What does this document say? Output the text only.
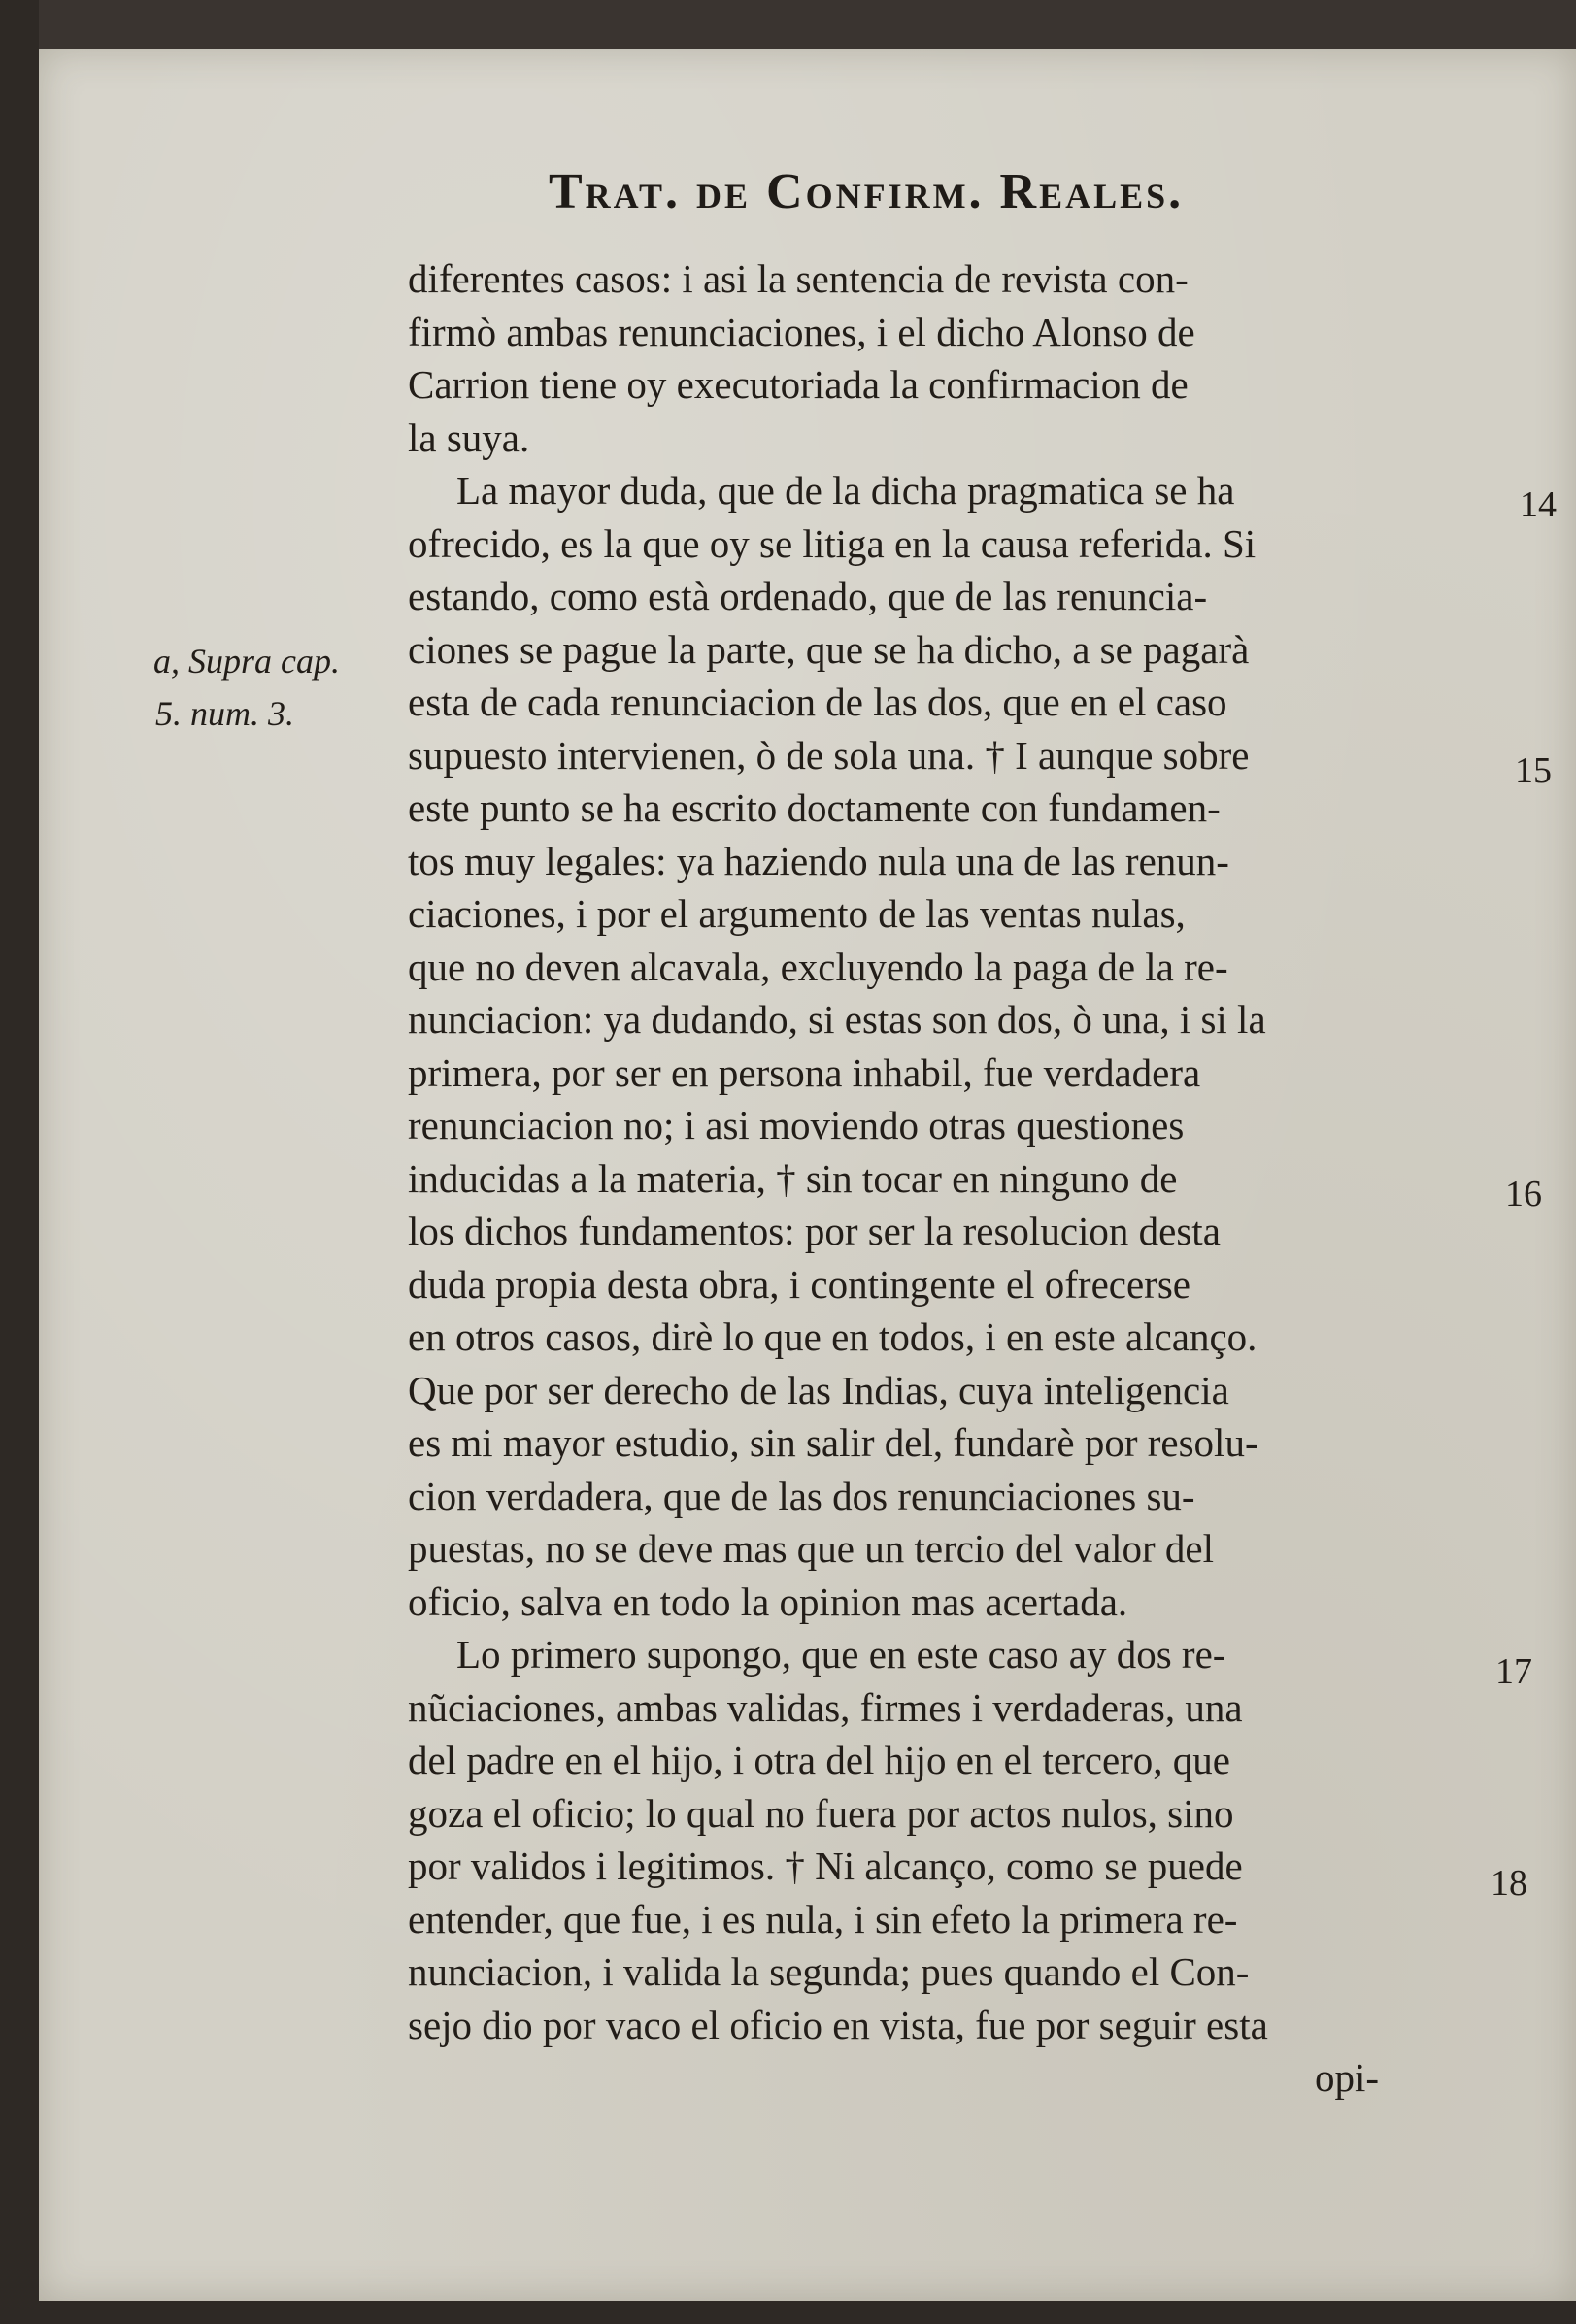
Trat. de Confirm. Reales.
diferentes casos: i asi la sentencia de revista con-
firmò ambas renunciaciones, i el dicho Alonso de
Carrion tiene oy executoriada la confirmacion de
la suya.
La mayor duda, que de la dicha pragmatica se ha
ofrecido, es la que oy se litiga en la causa referida. Si
estando, como està ordenado, que de las renuncia-
ciones se pague la parte, que se ha dicho, a se pagarà
esta de cada renunciacion de las dos, que en el caso
supuesto intervienen, ò de sola una. † I aunque sobre
este punto se ha escrito doctamente con fundamen-
tos muy legales: ya haziendo nula una de las renun-
ciaciones, i por el argumento de las ventas nulas,
que no deven alcavala, excluyendo la paga de la re-
nunciacion: ya dudando, si estas son dos, ò una, i si la
primera, por ser en persona inhabil, fue verdadera
renunciacion no; i asi moviendo otras questiones
inducidas a la materia, † sin tocar en ninguno de
los dichos fundamentos: por ser la resolucion desta
duda propia desta obra, i contingente el ofrecerse
en otros casos, dirè lo que en todos, i en este alcanço.
Que por ser derecho de las Indias, cuya inteligencia
es mi mayor estudio, sin salir del, fundarè por resolu-
cion verdadera, que de las dos renunciaciones su-
puestas, no se deve mas que un tercio del valor del
oficio, salva en todo la opinion mas acertada.
Lo primero supongo, que en este caso ay dos re-
nũciaciones, ambas validas, firmes i verdaderas, una
del padre en el hijo, i otra del hijo en el tercero, que
goza el oficio; lo qual no fuera por actos nulos, sino
por validos i legitimos. † Ni alcanço, como se puede
entender, que fue, i es nula, i sin efeto la primera re-
nunciacion, i valida la segunda; pues quando el Con-
sejo dio por vaco el oficio en vista, fue por seguir esta
opi-
a, Supra cap.
5. num. 3.
14
15
16
17
18
